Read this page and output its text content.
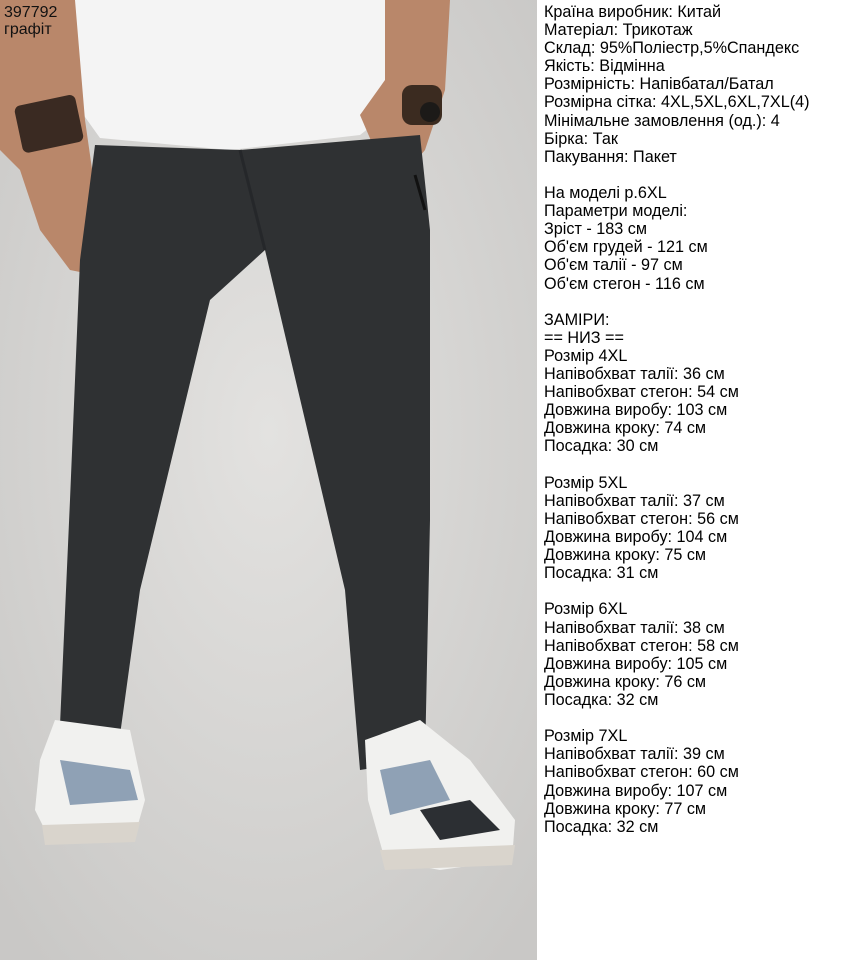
397792
графіт
Країна виробник: Китай
Матеріал: Трикотаж
Склад: 95%Поліестр,5%Спандекс
Якість: Відмінна
Розмірність: Напівбатал/Батал
Розмірна сітка: 4XL,5XL,6XL,7XL(4)
Мінімальне замовлення (од.): 4
Бірка: Так
Пакування: Пакет
На моделі р.6XL
Параметри моделі:
Зріст - 183 см
Об'єм грудей - 121 см
Об'єм талії - 97 см
Об'єм стегон - 116 см
ЗАМІРИ:
== НИЗ ==
Розмір 4XL
Напівобхват талії: 36 см
Напівобхват стегон: 54 см
Довжина виробу: 103 см
Довжина кроку: 74 см
Посадка: 30 см
Розмір 5XL
Напівобхват талії: 37 см
Напівобхват стегон: 56 см
Довжина виробу: 104 см
Довжина кроку: 75 см
Посадка: 31 см
Розмір 6XL
Напівобхват талії: 38 см
Напівобхват стегон: 58 см
Довжина виробу: 105 см
Довжина кроку: 76 см
Посадка: 32 см
Розмір 7XL
Напівобхват талії: 39 см
Напівобхват стегон: 60 см
Довжина виробу: 107 см
Довжина кроку: 77 см
Посадка: 32 см
